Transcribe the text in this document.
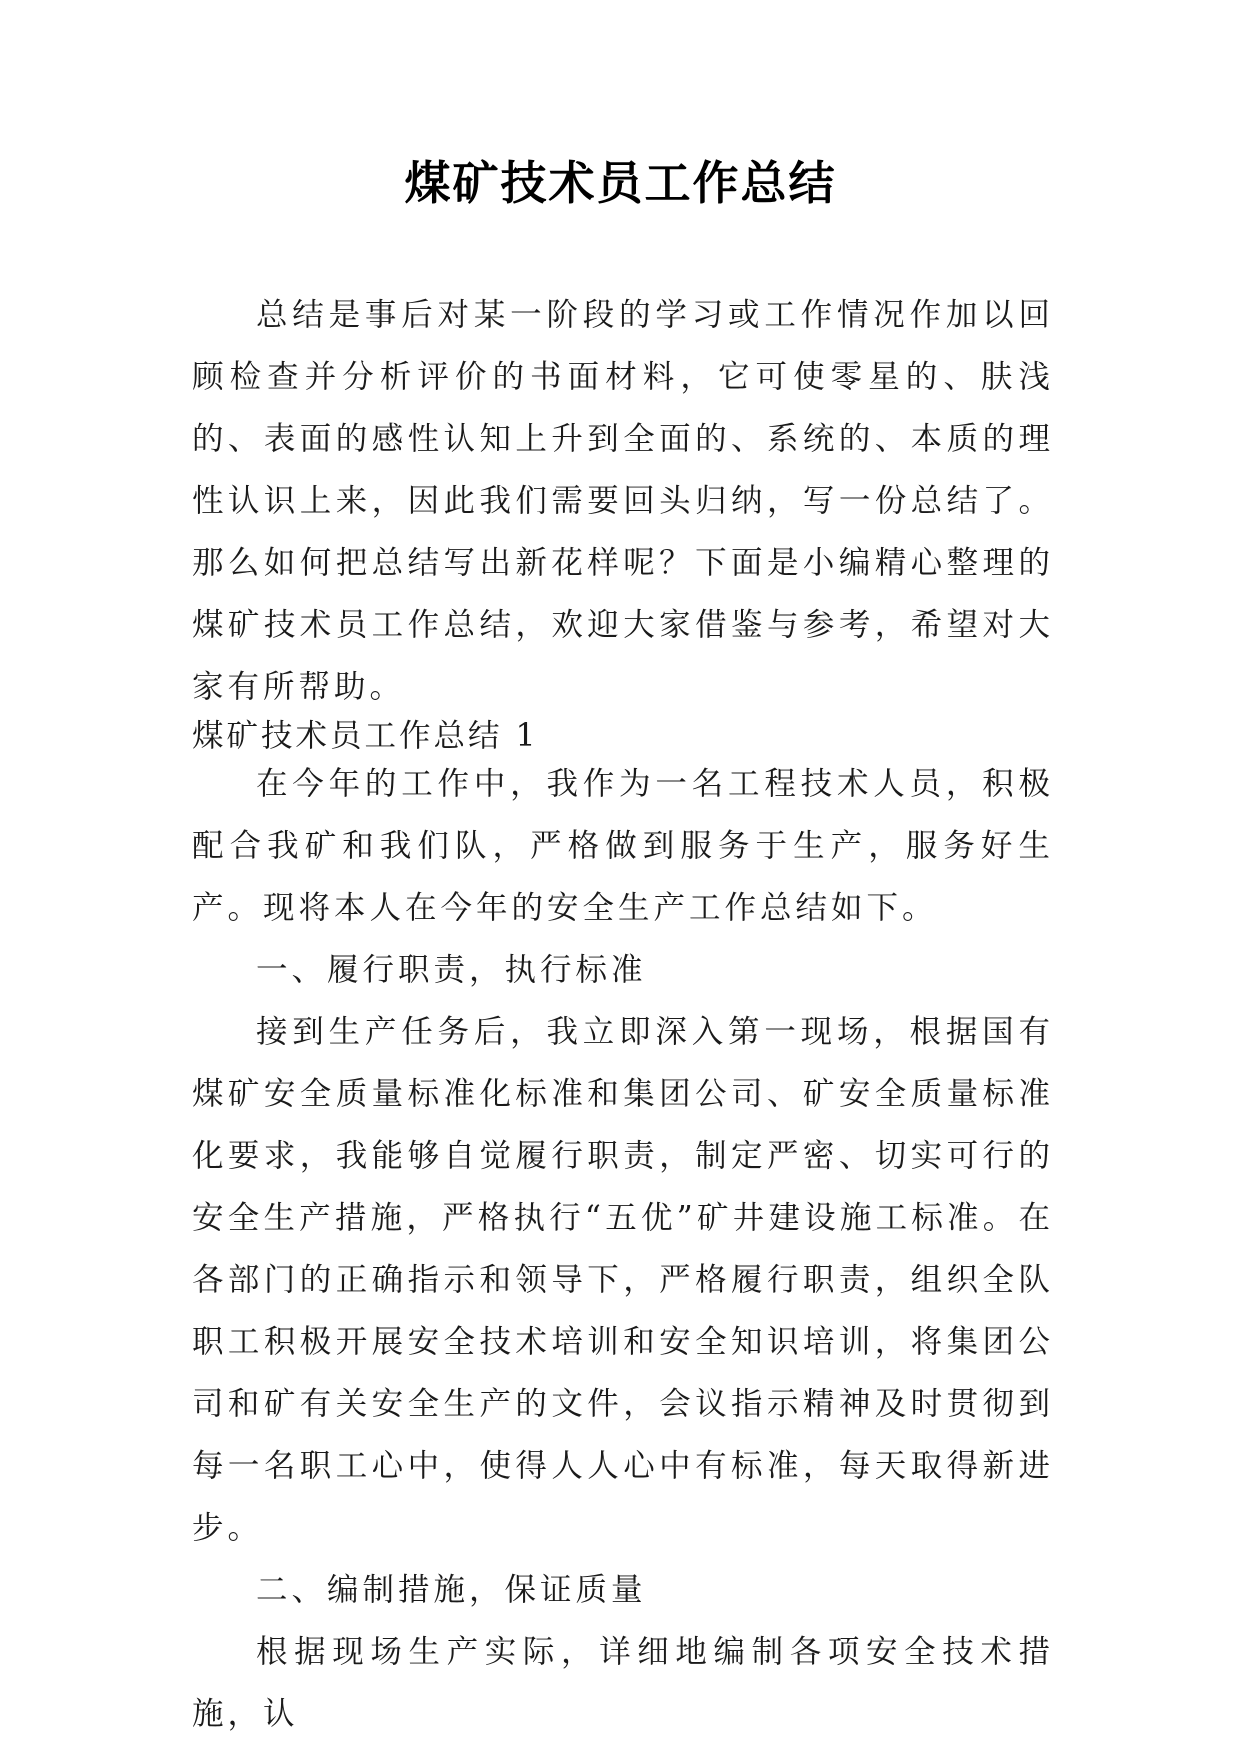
煤矿技术员工作总结

总结是事后对某一阶段的学习或工作情况作加以回顾检查并分析评价的书面材料，它可使零星的、肤浅的、表面的感性认知上升到全面的、系统的、本质的理性认识上来，因此我们需要回头归纳，写一份总结了。那么如何把总结写出新花样呢？下面是小编精心整理的煤矿技术员工作总结，欢迎大家借鉴与参考，希望对大家有所帮助。

煤矿技术员工作总结 1

在今年的工作中，我作为一名工程技术人员，积极配合我矿和我们队，严格做到服务于生产，服务好生产。现将本人在今年的安全生产工作总结如下。

一、履行职责，执行标准

接到生产任务后，我立即深入第一现场，根据国有煤矿安全质量标准化标准和集团公司、矿安全质量标准化要求，我能够自觉履行职责，制定严密、切实可行的安全生产措施，严格执行“五优”矿井建设施工标准。在各部门的正确指示和领导下，严格履行职责，组织全队职工积极开展安全技术培训和安全知识培训，将集团公司和矿有关安全生产的文件，会议指示精神及时贯彻到每一名职工心中，使得人人心中有标准，每天取得新进步。

二、编制措施，保证质量

根据现场生产实际，详细地编制各项安全技术措施，认
